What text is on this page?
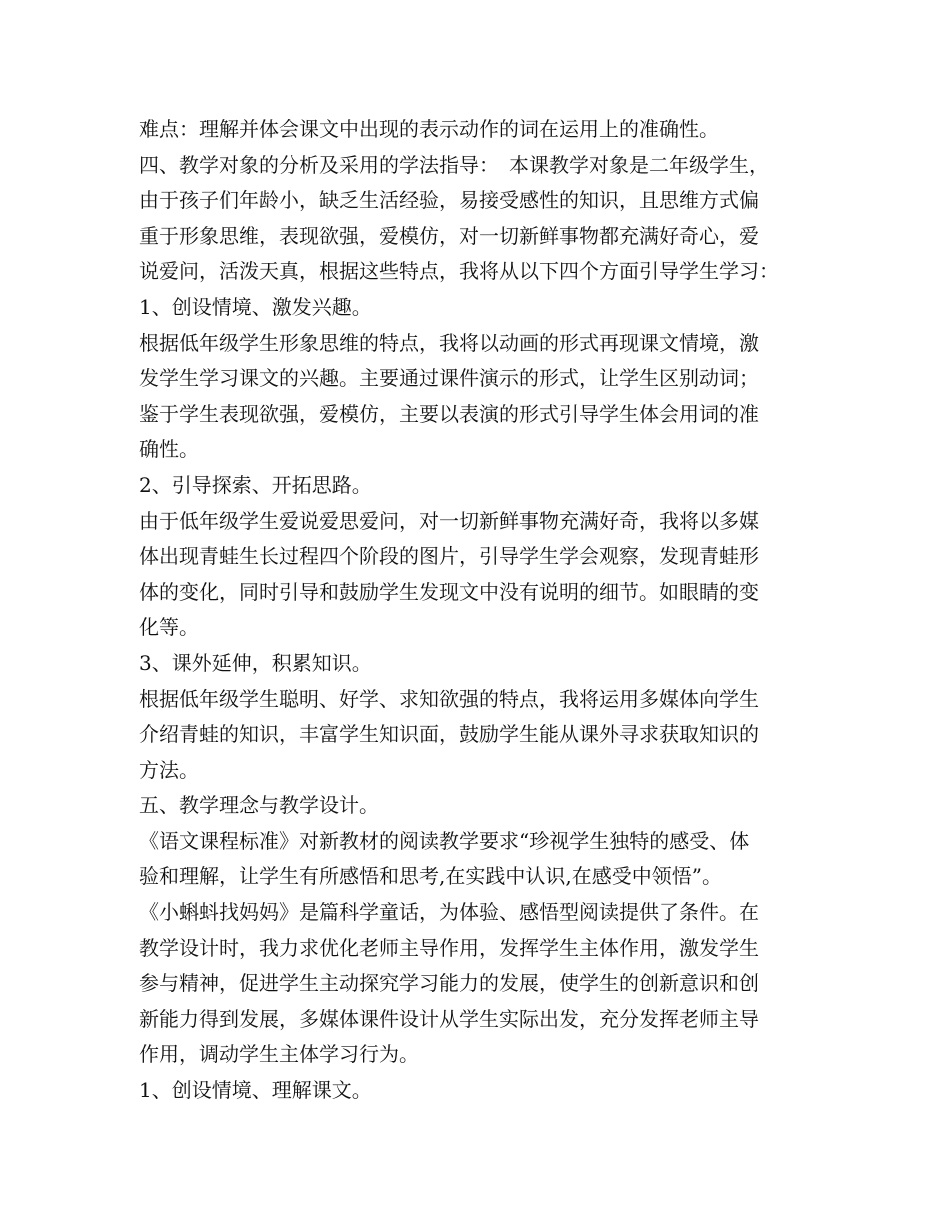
难点：理解并体会课文中出现的表示动作的词在运用上的准确性。
四、教学对象的分析及采用的学法指导：　本课教学对象是二年级学生，
由于孩子们年龄小，缺乏生活经验，易接受感性的知识，且思维方式偏
重于形象思维，表现欲强，爱模仿，对一切新鲜事物都充满好奇心，爱
说爱问，活泼天真，根据这些特点，我将从以下四个方面引导学生学习：
1、创设情境、激发兴趣。
根据低年级学生形象思维的特点，我将以动画的形式再现课文情境，激
发学生学习课文的兴趣。主要通过课件演示的形式，让学生区别动词；
鉴于学生表现欲强，爱模仿，主要以表演的形式引导学生体会用词的准
确性。
2、引导探索、开拓思路。
由于低年级学生爱说爱思爱问，对一切新鲜事物充满好奇，我将以多媒
体出现青蛙生长过程四个阶段的图片，引导学生学会观察，发现青蛙形
体的变化，同时引导和鼓励学生发现文中没有说明的细节。如眼睛的变
化等。
3、课外延伸，积累知识。
根据低年级学生聪明、好学、求知欲强的特点，我将运用多媒体向学生
介绍青蛙的知识，丰富学生知识面，鼓励学生能从课外寻求获取知识的
方法。
五、教学理念与教学设计。
《语文课程标准》对新教材的阅读教学要求“珍视学生独特的感受、体
验和理解，让学生有所感悟和思考,在实践中认识,在感受中领悟”。
《小蝌蚪找妈妈》是篇科学童话，为体验、感悟型阅读提供了条件。在
教学设计时，我力求优化老师主导作用，发挥学生主体作用，激发学生
参与精神，促进学生主动探究学习能力的发展，使学生的创新意识和创
新能力得到发展，多媒体课件设计从学生实际出发，充分发挥老师主导
作用，调动学生主体学习行为。
1、创设情境、理解课文。
